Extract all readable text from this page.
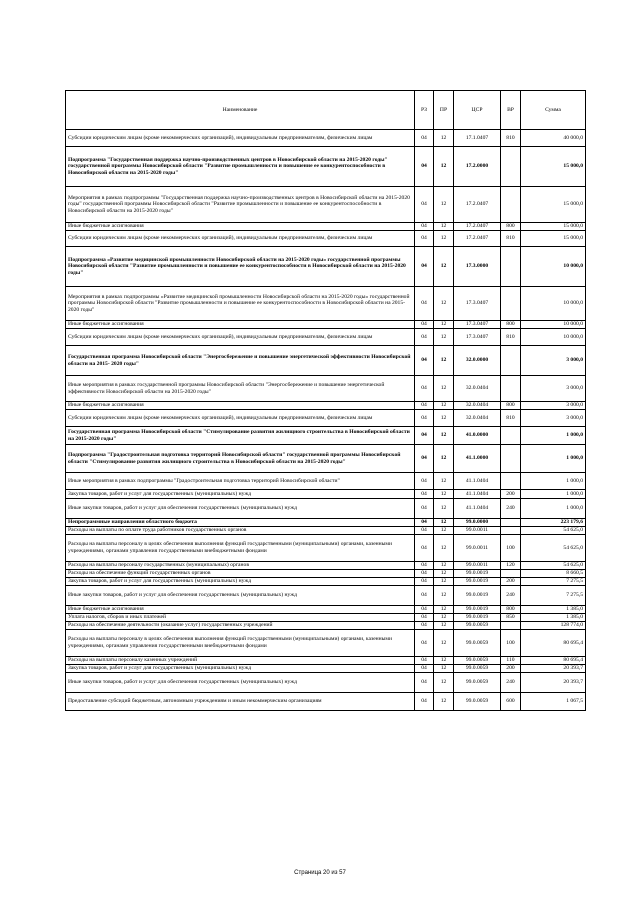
Наименование	РЗ	ПР	ЦСР	ВР	Сумма
Субсидии юридическим лицам (кроме некоммерческих организаций), индивидуальным предпринимателям, физическим лицам	04	12	17.1.0407	810	40 000,0
Подпрограмма "Государственная поддержка научно-производственных центров в Новосибирской области на 2015-2020 годы" государственной программы Новосибирской области "Развитие промышленности и повышение ее конкурентоспособности в Новосибирской области на 2015-2020 годы"	04	12	17.2.0000		15 000,0
Мероприятия в рамках подпрограммы "Государственная поддержка научно-производственных центров в Новосибирской области на 2015-2020 годы" государственной программы Новосибирской области "Развитие промышленности и повышение ее конкурентоспособности в Новосибирской области на 2015-2020 годы"	04	12	17.2.0407		15 000,0
Иные бюджетные ассигнования	04	12	17.2.0407	800	15 000,0
Субсидии юридическим лицам (кроме некоммерческих организаций), индивидуальным предпринимателям, физическим лицам	04	12	17.2.0407	810	15 000,0
Подпрограмма «Развитие медицинской промышленности Новосибирской области на 2015-2020 годы» государственной программы Новосибирской области "Развитие промышленности и повышение ее конкурентоспособности в Новосибирской области на 2015-2020 годы"	04	12	17.3.0000		10 000,0
Мероприятия в рамках подпрограммы «Развитие медицинской промышленности Новосибирской области на 2015-2020 годы» государственной программы Новосибирской области "Развитие промышленности и повышение ее конкурентоспособности в Новосибирской области на 2015-2020 годы"	04	12	17.3.0407		10 000,0
Иные бюджетные ассигнования	04	12	17.3.0407	800	10 000,0
Субсидии юридическим лицам (кроме некоммерческих организаций), индивидуальным предпринимателям, физическим лицам	04	12	17.3.0407	810	10 000,0
Государственная программа Новосибирской области "Энергосбережение и повышение энергетической эффективности Новосибирской области на 2015- 2020 годы"	04	12	32.0.0000		3 000,0
Иные мероприятия в рамках государственной программы Новосибирской области "Энергосбережение и повышение энергетической эффективности Новосибирской области на 2015-2020 годы"	04	12	32.0.0404		3 000,0
Иные бюджетные ассигнования	04	12	32.0.0404	800	3 000,0
Субсидии юридическим лицам (кроме некоммерческих организаций), индивидуальным предпринимателям, физическим лицам	04	12	32.0.0404	810	3 000,0
Государственная программа Новосибирской области "Стимулирование развития жилищного строительства в Новосибирской области на 2015-2020 годы"	04	12	41.0.0000		1 000,0
Подпрограмма "Градостроительная подготовка территорий Новосибирской области" государственной программы Новосибирской области "Стимулирование развития жилищного строительства в Новосибирской области на 2015-2020 годы"	04	12	41.1.0000		1 000,0
Иные мероприятия в рамках подпрограммы "Градостроительная подготовка территорий Новосибирской области"	04	12	41.1.0404		1 000,0
Закупка товаров, работ и услуг для государственных (муниципальных) нужд	04	12	41.1.0404	200	1 000,0
Иные закупки товаров, работ и услуг для обеспечения государственных (муниципальных) нужд	04	12	41.1.0404	240	1 000,0
Непрограммные направления областного бюджета	04	12	99.0.0000		223 179,6
Расходы на выплаты по оплате труда работников государственных органов	04	12	99.0.0011		54 625,0
Расходы на выплаты персоналу в целях обеспечения выполнения функций государственными (муниципальными) органами, казенными учреждениями, органами управления государственными внебюджетными фондами	04	12	99.0.0011	100	54 625,0
Расходы на выплаты персоналу государственных (муниципальных) органов	04	12	99.0.0011	120	54 625,0
Расходы на обеспечение функций государственных органов	04	12	99.0.0019		8 660,5
Закупка товаров, работ и услуг для государственных (муниципальных) нужд	04	12	99.0.0019	200	7 275,5
Иные закупки товаров, работ и услуг для обеспечения государственных (муниципальных) нужд	04	12	99.0.0019	240	7 275,5
Иные бюджетные ассигнования	04	12	99.0.0019	800	1 385,0
Уплата налогов, сборов и иных платежей	04	12	99.0.0019	850	1 385,0
Расходы на обеспечение деятельности (оказание услуг) государственных учреждений	04	12	99.0.0059		128 774,0
Расходы на выплаты персоналу в целях обеспечения выполнения функций государственными (муниципальными) органами, казенными учреждениями, органами управления государственными внебюджетными фондами	04	12	99.0.0059	100	80 695,4
Расходы на выплаты персоналу казенных учреждений	04	12	99.0.0059	110	80 695,4
Закупка товаров, работ и услуг для государственных (муниципальных) нужд	04	12	99.0.0059	200	20 393,7
Иные закупки товаров, работ и услуг для обеспечения государственных (муниципальных) нужд	04	12	99.0.0059	240	20 393,7
Предоставление субсидий бюджетным, автономным учреждениям и иным некоммерческим организациям	04	12	99.0.0059	600	1 067,5
Страница 20 из 57
